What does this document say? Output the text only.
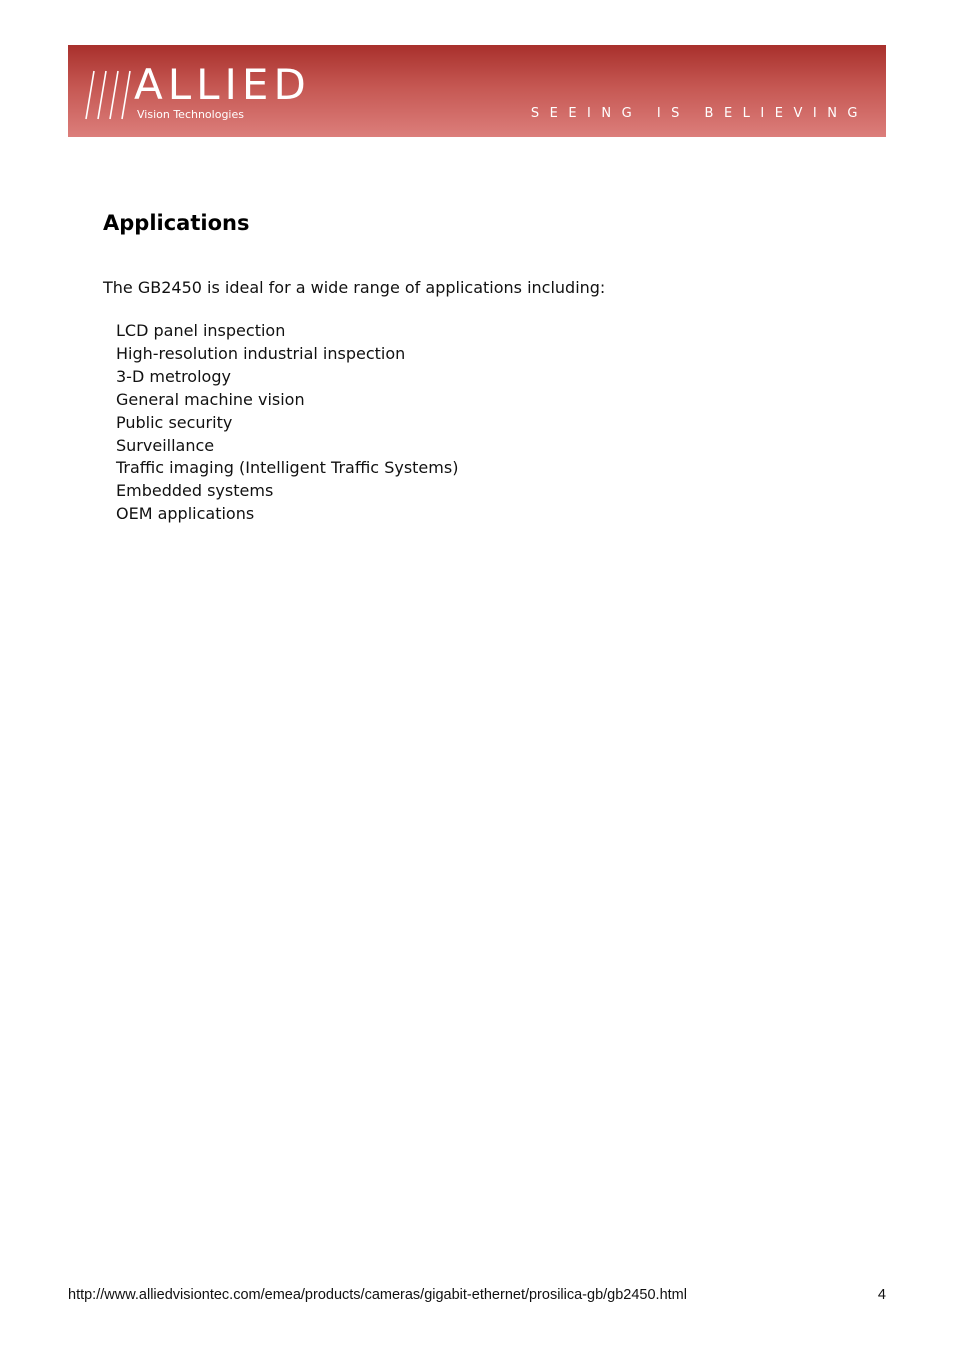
ALLIED
Vision Technologies	SEEING IS BELIEVING
Applications

The GB2450 is ideal for a wide range of applications including:

LCD panel inspection
High-resolution industrial inspection
3-D metrology
General machine vision
Public security
Surveillance
Traffic imaging (Intelligent Traffic Systems)
Embedded systems
OEM applications
http://www.alliedvisiontec.com/emea/products/cameras/gigabit-ethernet/prosilica-gb/gb2450.html	4
